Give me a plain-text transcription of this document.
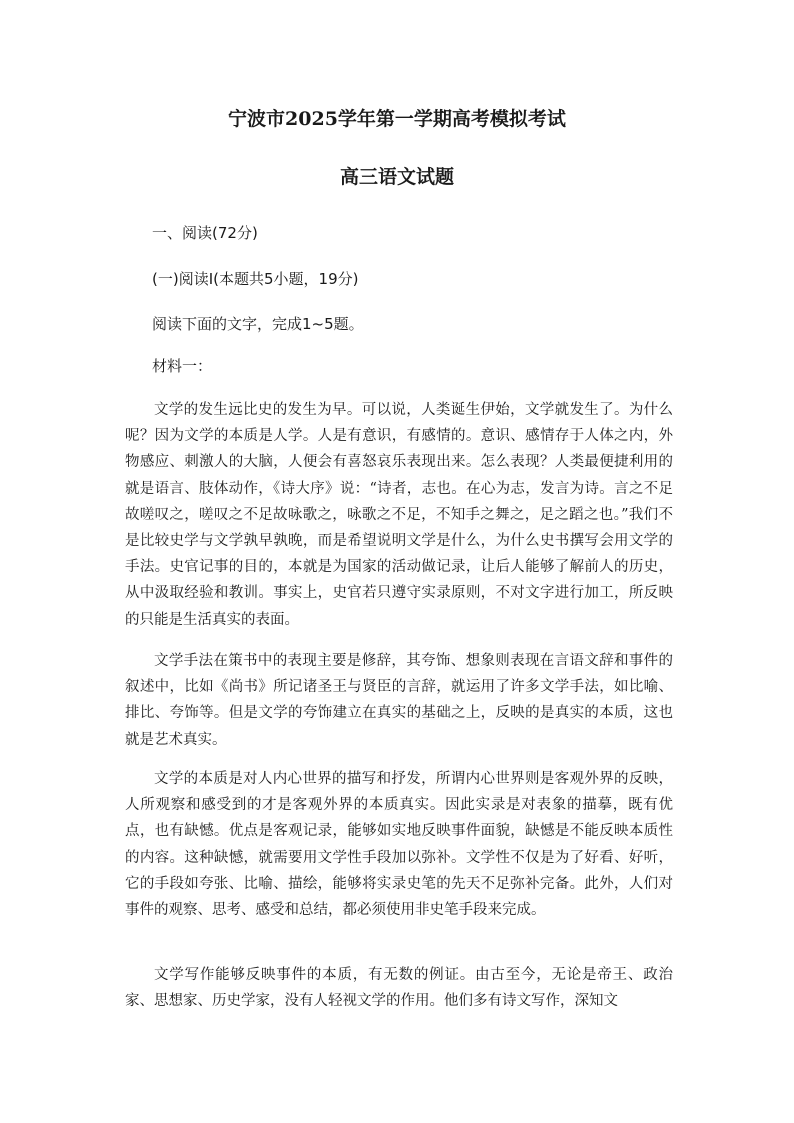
宁波市2025学年第一学期高考模拟考试
高三语文试题
一、阅读(72分)
(一)阅读Ⅰ(本题共5小题，19分)
阅读下面的文字，完成1~5题。
材料一：

文学的发生远比史的发生为早。可以说，人类诞生伊始，文学就发生了。为什么呢？因为文学的本质是人学。人是有意识，有感情的。意识、感情存于人体之内，外物感应、刺激人的大脑，人便会有喜怒哀乐表现出来。怎么表现？人类最便捷利用的就是语言、肢体动作，《诗大序》说：“诗者，志也。在心为志，发言为诗。言之不足故嗟叹之，嗟叹之不足故咏歌之，咏歌之不足，不知手之舞之，足之蹈之也。”我们不是比较史学与文学孰早孰晚，而是希望说明文学是什么，为什么史书撰写会用文学的手法。史官记事的目的，本就是为国家的活动做记录，让后人能够了解前人的历史，从中汲取经验和教训。事实上，史官若只遵守实录原则，不对文字进行加工，所反映的只能是生活真实的表面。

文学手法在策书中的表现主要是修辞，其夸饰、想象则表现在言语文辞和事件的叙述中，比如《尚书》所记诸圣王与贤臣的言辞，就运用了许多文学手法，如比喻、排比、夸饰等。但是文学的夸饰建立在真实的基础之上，反映的是真实的本质，这也就是艺术真实。

文学的本质是对人内心世界的描写和抒发，所谓内心世界则是客观外界的反映，人所观察和感受到的才是客观外界的本质真实。因此实录是对表象的描摹，既有优点，也有缺憾。优点是客观记录，能够如实地反映事件面貌，缺憾是不能反映本质性的内容。这种缺憾，就需要用文学性手段加以弥补。文学性不仅是为了好看、好听，它的手段如夸张、比喻、描绘，能够将实录史笔的先天不足弥补完备。此外，人们对事件的观察、思考、感受和总结，都必须使用非史笔手段来完成。

文学写作能够反映事件的本质，有无数的例证。由古至今，无论是帝王、政治家、思想家、历史学家，没有人轻视文学的作用。他们多有诗文写作，深知文
